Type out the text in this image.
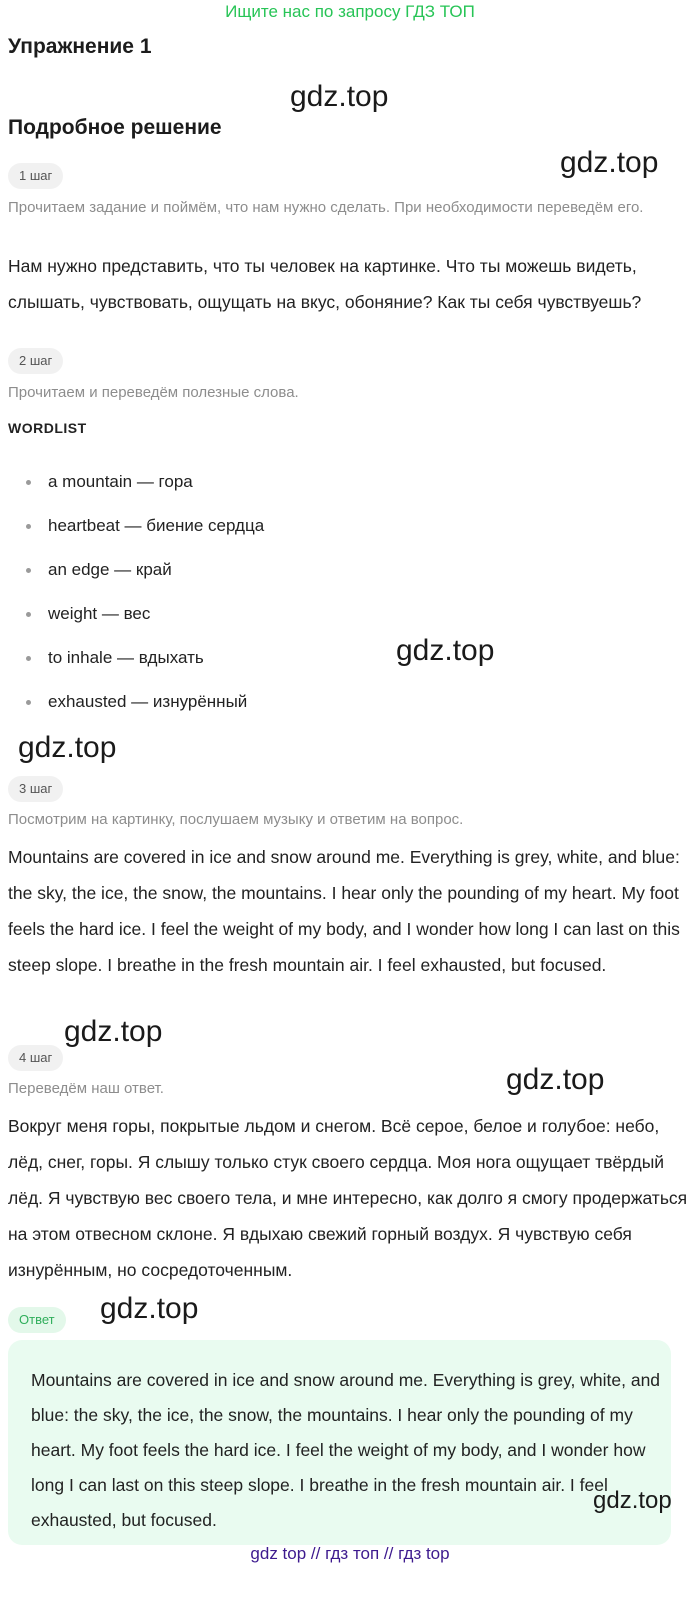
Ищите нас по запросу ГДЗ ТОП
Упражнение 1
gdz.top
Подробное решение
gdz.top
1 шаг
Прочитаем задание и поймём, что нам нужно сделать. При необходимости переведём его.
Нам нужно представить, что ты человек на картинке. Что ты можешь видеть, слышать, чувствовать, ощущать на вкус, обоняние? Как ты себя чувствуешь?
2 шаг
Прочитаем и переведём полезные слова.
WORDLIST
a mountain — гора
heartbeat — биение сердца
an edge — край
weight — вес
to inhale — вдыхать
exhausted — изнурённый
gdz.top
gdz.top
3 шаг
Посмотрим на картинку, послушаем музыку и ответим на вопрос.
Mountains are covered in ice and snow around me. Everything is grey, white, and blue: the sky, the ice, the snow, the mountains. I hear only the pounding of my heart. My foot feels the hard ice. I feel the weight of my body, and I wonder how long I can last on this steep slope. I breathe in the fresh mountain air. I feel exhausted, but focused.
gdz.top
4 шаг
Переведём наш ответ.	gdz.top
Вокруг меня горы, покрытые льдом и снегом. Всё серое, белое и голубое: небо, лёд, снег, горы. Я слышу только стук своего сердца. Моя нога ощущает твёрдый лёд. Я чувствую вес своего тела, и мне интересно, как долго я смогу продержаться на этом отвесном склоне. Я вдыхаю свежий горный воздух. Я чувствую себя изнурённым, но сосредоточенным.
Ответ	gdz.top
Mountains are covered in ice and snow around me. Everything is grey, white, and blue: the sky, the ice, the snow, the mountains. I hear only the pounding of my heart. My foot feels the hard ice. I feel the weight of my body, and I wonder how long I can last on this steep slope. I breathe in the fresh mountain air. I feel exhausted, but focused.
gdz.top
gdz top // гдз топ // гдз top
